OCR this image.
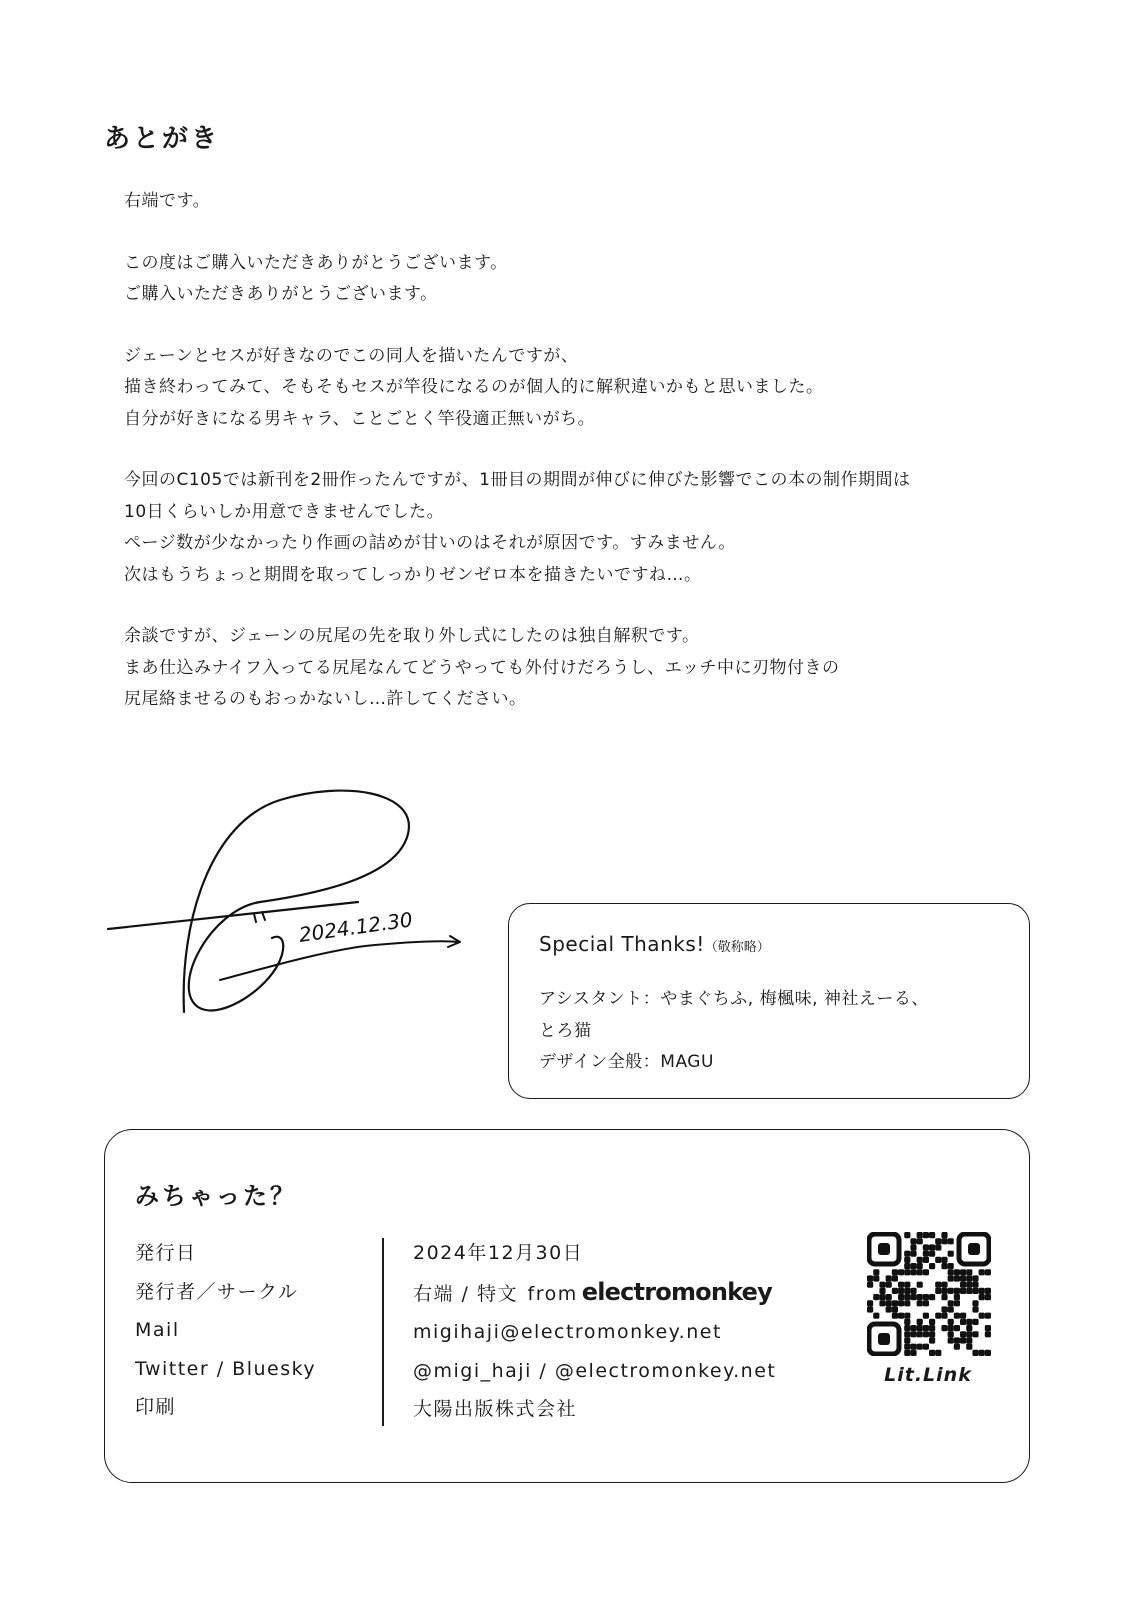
あとがき

右端です。

この度はご購入いただきありがとうございます。
ご購入いただきありがとうございます。

ジェーンとセスが好きなのでこの同人を描いたんですが、
描き終わってみて、そもそもセスが竿役になるのが個人的に解釈違いかもと思いました。
自分が好きになる男キャラ、ことごとく竿役適正無いがち。

今回のC105では新刊を2冊作ったんですが、1冊目の期間が伸びに伸びた影響でこの本の制作期間は
10日くらいしか用意できませんでした。
ページ数が少なかったり作画の詰めが甘いのはそれが原因です。すみません。
次はもうちょっと期間を取ってしっかりゼンゼロ本を描きたいですね…。

余談ですが、ジェーンの尻尾の先を取り外し式にしたのは独自解釈です。
まあ仕込みナイフ入ってる尻尾なんてどうやっても外付けだろうし、エッチ中に刃物付きの
尻尾絡ませるのもおっかないし…許してください。

2024.12.30	Special Thanks!（敬称略）
アシスタント：やまぐちふ, 梅楓味, 神社えーる、
とろ猫
デザイン全般：MAGU
みちゃった？
発行日
発行者／サークル
Mail
Twitter / Bluesky
印刷
2024年12月30日
右端 / 特文 from electromonkey
migihaji@electromonkey.net
@migi_haji / @electromonkey.net
大陽出版株式会社
Lit.Link
